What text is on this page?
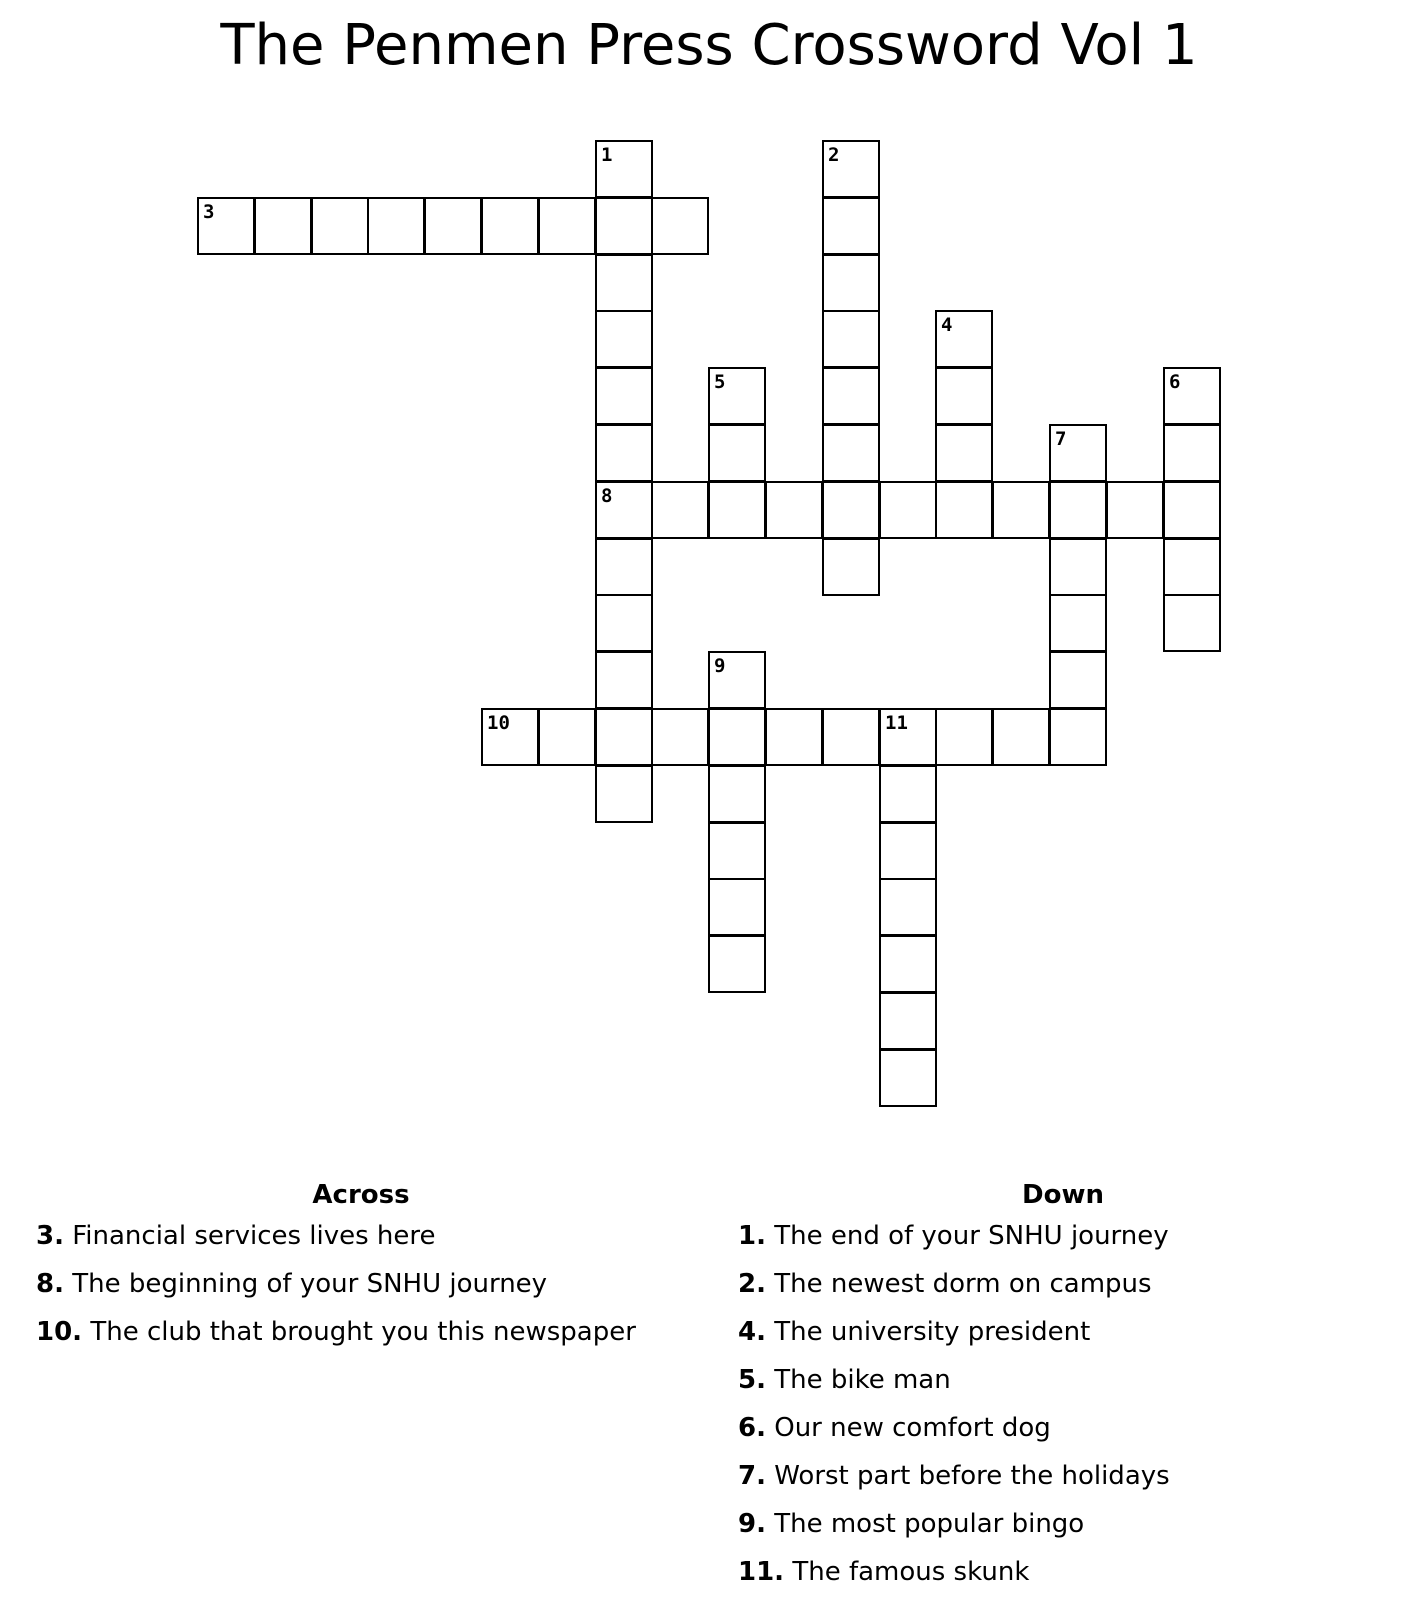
The Penmen Press Crossword Vol 1
1
8
2
3
4
5	6
7
9
10	11
Across
3. Financial services lives here
8. The beginning of your SNHU journey
10. The club that brought you this newspaper
Down
1. The end of your SNHU journey
2. The newest dorm on campus
4. The university president
5. The bike man
6. Our new comfort dog
7. Worst part before the holidays
9. The most popular bingo
11. The famous skunk
